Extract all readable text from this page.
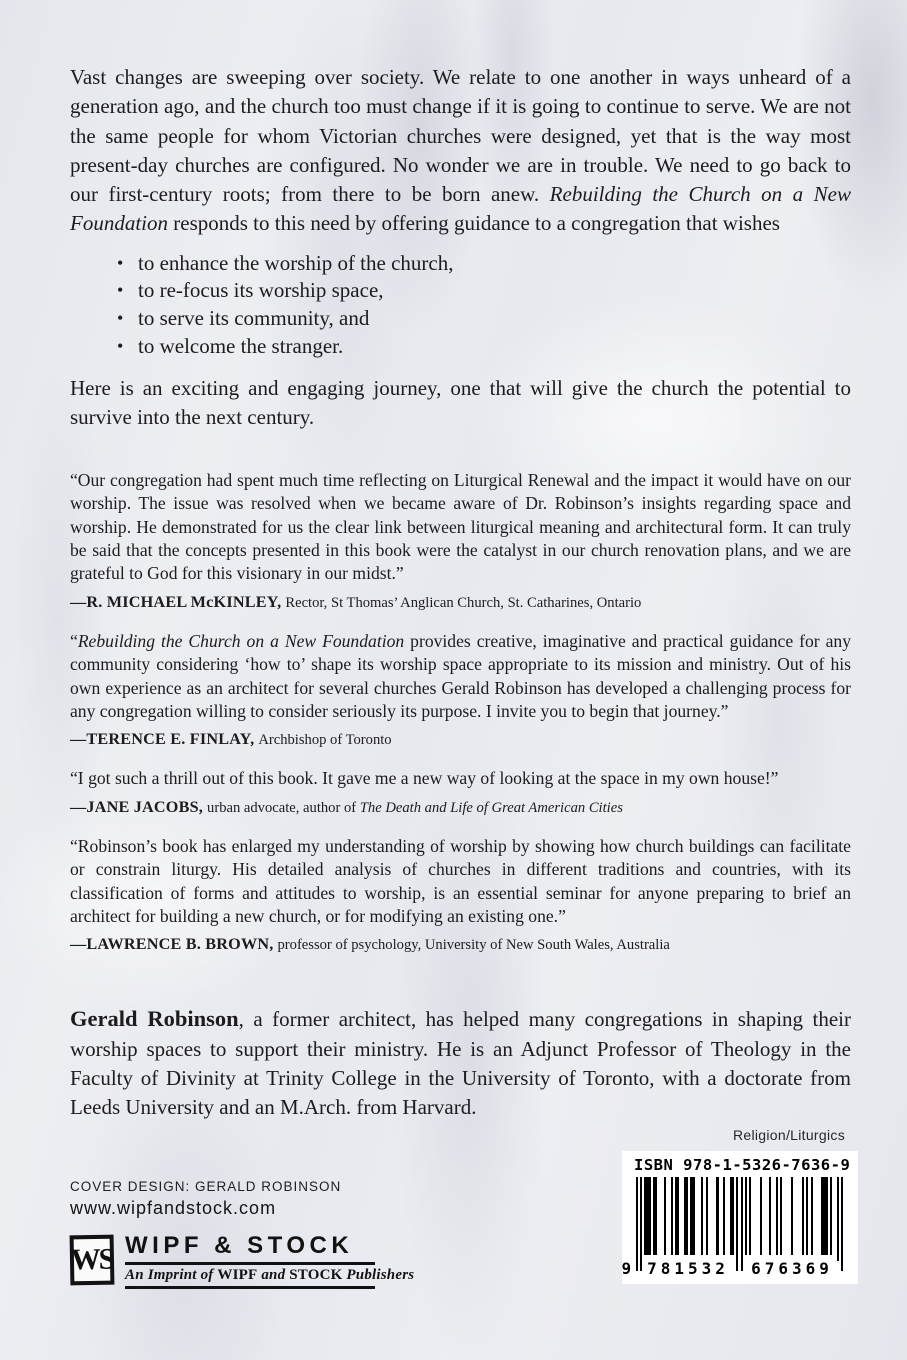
Vast changes are sweeping over society. We relate to one another in ways unheard of a generation ago, and the church too must change if it is going to continue to serve. We are not the same people for whom Victorian churches were designed, yet that is the way most present-day churches are configured. No wonder we are in trouble. We need to go back to our first-century roots; from there to be born anew. Rebuilding the Church on a New Foundation responds to this need by offering guidance to a congregation that wishes

• to enhance the worship of the church,
• to re-focus its worship space,
• to serve its community, and
• to welcome the stranger.

Here is an exciting and engaging journey, one that will give the church the potential to survive into the next century.

“Our congregation had spent much time reflecting on Liturgical Renewal and the impact it would have on our worship. The issue was resolved when we became aware of Dr. Robinson’s insights regarding space and worship. He demonstrated for us the clear link between liturgical meaning and architectural form. It can truly be said that the concepts presented in this book were the catalyst in our church renovation plans, and we are grateful to God for this visionary in our midst.”

—R. MICHAEL McKINLEY, Rector, St Thomas’ Anglican Church, St. Catharines, Ontario

“Rebuilding the Church on a New Foundation provides creative, imaginative and practical guidance for any community considering ‘how to’ shape its worship space appropriate to its mission and ministry. Out of his own experience as an architect for several churches Gerald Robinson has developed a challenging process for any congregation willing to consider seriously its purpose. I invite you to begin that journey.”

—TERENCE E. FINLAY, Archbishop of Toronto

“I got such a thrill out of this book. It gave me a new way of looking at the space in my own house!”

—JANE JACOBS, urban advocate, author of The Death and Life of Great American Cities

“Robinson’s book has enlarged my understanding of worship by showing how church buildings can facilitate or constrain liturgy. His detailed analysis of churches in different traditions and countries, with its classification of forms and attitudes to worship, is an essential seminar for anyone preparing to brief an architect for building a new church, or for modifying an existing one.”

—LAWRENCE B. BROWN, professor of psychology, University of New South Wales, Australia

Gerald Robinson, a former architect, has helped many congregations in shaping their worship spaces to support their ministry. He is an Adjunct Professor of Theology in the Faculty of Divinity at Trinity College in the University of Toronto, with a doctorate from Leeds University and an M.Arch. from Harvard.

Religion/Liturgics
COVER DESIGN: GERALD ROBINSON
www.wipfandstock.com
WS WIPF & STOCK
An Imprint of WIPF and STOCK Publishers
ISBN 978-1-5326-7636-9
9 781532	676369
